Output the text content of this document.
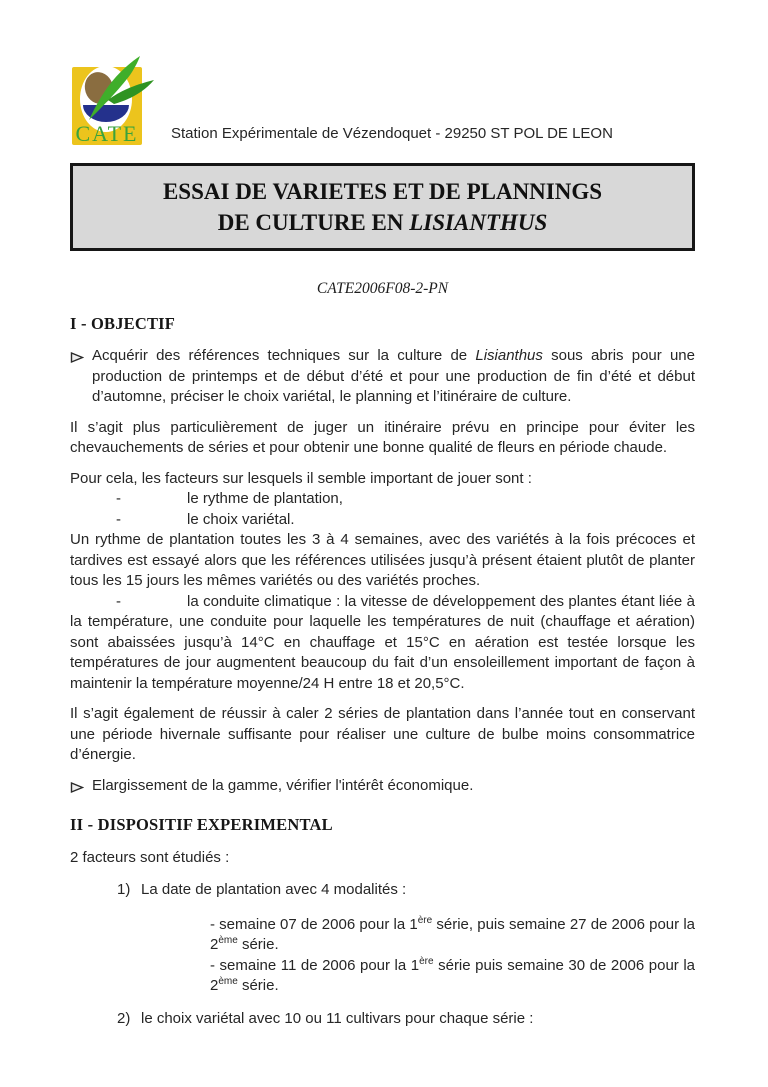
CATE Station Expérimentale de Vézendoquet - 29250 ST POL DE LEON
ESSAI DE VARIETES ET DE PLANNINGS
DE CULTURE EN LISIANTHUS
CATE2006F08-2-PN
I - OBJECTIF
Acquérir des références techniques sur la culture de Lisianthus sous abris pour une production de printemps et de début d’été et pour une production de fin d’été et début d’automne, préciser le choix variétal, le planning et l’itinéraire de culture.

Il s’agit plus particulièrement de juger un itinéraire prévu en principe pour éviter les chevauchements de séries et pour obtenir une bonne qualité de fleurs en période chaude.

Pour cela, les facteurs sur lesquels il semble important de jouer sont :
-	le rythme de plantation,
-	le choix variétal.

Un rythme de plantation toutes les 3 à 4 semaines, avec des variétés à la fois précoces et tardives est essayé alors que les références utilisées jusqu’à présent étaient plutôt de planter tous les 15 jours les mêmes variétés ou des variétés proches.

-	la conduite climatique : la vitesse de développement des plantes étant liée à la température, une conduite pour laquelle les températures de nuit (chauffage et aération) sont abaissées jusqu’à 14°C en chauffage et 15°C en aération est testée lorsque les températures de jour augmentent beaucoup du fait d’un ensoleillement important de façon à maintenir la température moyenne/24 H entre 18 et 20,5°C.

Il s’agit également de réussir à caler 2 séries de plantation dans l’année tout en conservant une période hivernale suffisante pour réaliser une culture de bulbe moins consommatrice d’énergie.

Elargissement de la gamme, vérifier l'intérêt économique.
II - DISPOSITIF EXPERIMENTAL
2 facteurs sont étudiés :
1) La date de plantation avec 4 modalités :

- semaine 07 de 2006 pour la 1ère série, puis semaine 27 de 2006 pour la 2ème série.

- semaine 11 de 2006 pour la 1ère série puis semaine 30 de 2006 pour la 2ème série.

2) le choix variétal avec 10 ou 11 cultivars pour chaque série :
